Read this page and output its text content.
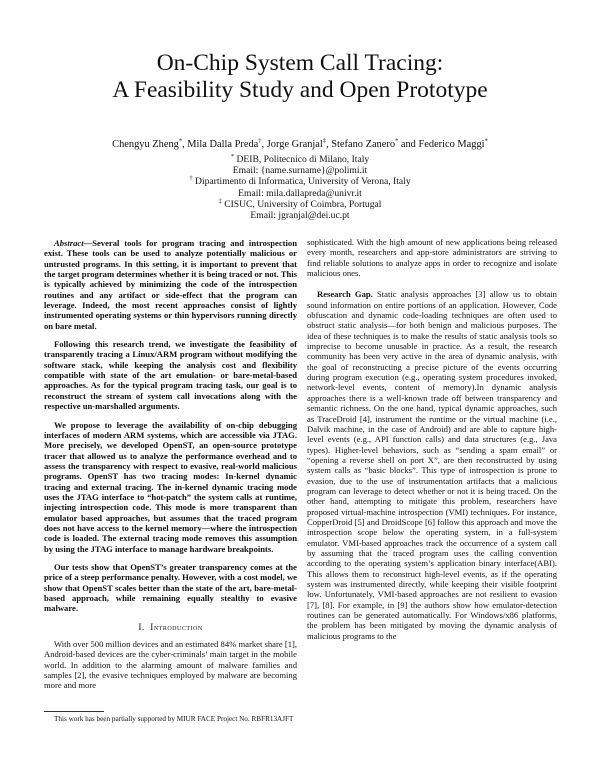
On-Chip System Call Tracing:
A Feasibility Study and Open Prototype
Chengyu Zheng*, Mila Dalla Preda†, Jorge Granjal‡, Stefano Zanero* and Federico Maggi*
* DEIB, Politecnico di Milano, Italy
Email: {name.surname}@polimi.it
† Dipartimento di Informatica, University of Verona, Italy
Email: mila.dallapreda@univr.it
‡ CISUC, University of Coimbra, Portugal
Email: jgranjal@dei.uc.pt

Abstract—Several tools for program tracing and introspection exist. These tools can be used to analyze potentially malicious or untrusted programs. In this setting, it is important to prevent that the target program determines whether it is being traced or not. This is typically achieved by minimizing the code of the introspection routines and any artifact or side-effect that the program can leverage. Indeed, the most recent approaches consist of lightly instrumented operating systems or thin hypervisors running directly on bare metal.

Following this research trend, we investigate the feasibility of transparently tracing a Linux/ARM program without modifying the software stack, while keeping the analysis cost and flexibility compatible with state of the art emulation- or bare-metal-based approaches. As for the typical program tracing task, our goal is to reconstruct the stream of system call invocations along with the respective un-marshalled arguments.

We propose to leverage the availability of on-chip debugging interfaces of modern ARM systems, which are accessible via JTAG. More precisely, we developed OpenST, an open-source prototype tracer that allowed us to analyze the performance overhead and to assess the transparency with respect to evasive, real-world malicious programs. OpenST has two tracing modes: In-kernel dynamic tracing and external tracing. The in-kernel dynamic tracing mode uses the JTAG interface to “hot-patch” the system calls at runtime, injecting introspection code. This mode is more transparent than emulator based approaches, but assumes that the traced program does not have access to the kernel memory—where the introspection code is loaded. The external tracing mode removes this assumption by using the JTAG interface to manage hardware breakpoints.

Our tests show that OpenST’s greater transparency comes at the price of a steep performance penalty. However, with a cost model, we show that OpenST scales better than the state of the art, bare-metal-based approach, while remaining equally stealthy to evasive malware.

I. Introduction

With over 500 million devices and an estimated 84% market share [1], Android-based devices are the cyber-criminals’ main target in the mobile world. In addition to the alarming amount of malware families and samples [2], the evasive techniques employed by malware are becoming more and more

This work has been partially supported by MIUR FACE Project No. RBFR13AJFT

sophisticated. With the high amount of new applications being released every month, researchers and app-store administrators are striving to find reliable solutions to analyze apps in order to recognize and isolate malicious ones.

Research Gap. Static analysis approaches [3] allow us to obtain sound information on entire portions of an application. However, Code obfuscation and dynamic code-loading techniques are often used to obstruct static analysis—for both benign and malicious purposes. The idea of these techniques is to make the results of static analysis tools so imprecise to become unusable in practice. As a result, the research community has been very active in the area of dynamic analysis, with the goal of reconstructing a precise picture of the events occurring during program execution (e.g., operating system procedures invoked, network-level events, content of memory).In dynamic analysis approaches there is a well-known trade off between transparency and semantic richness. On the one hand, typical dynamic approaches, such as TraceDroid [4], instrument the runtime or the virtual machine (i.e., Dalvik machine, in the case of Android) and are able to capture high-level events (e.g., API function calls) and data structures (e.g., Java types). Higher-level behaviors, such as “sending a spam email” or “opening a reverse shell on port X”, are then reconstructed by using system calls as “basic blocks”. This type of introspection is prone to evasion, due to the use of instrumentation artifacts that a malicious program can leverage to detect whether or not it is being traced. On the other hand, attempting to mitigate this problem, researchers have proposed virtual-machine introspection (VMI) techniques. For instance, CopperDroid [5] and DroidScope [6] follow this approach and move the introspection scope below the operating system, in a full-system emulator. VMI-based approaches track the occurrence of a system call by assuming that the traced program uses the calling convention according to the operating system’s application binary interface(ABI). This allows them to reconstruct high-level events, as if the operating system was instrumented directly, while keeping their visible footprint low. Unfortunately, VMI-based approaches are not resilient to evasion [7], [8]. For example, in [9] the authors show how emulator-detection routines can be generated automatically. For Windows/x86 platforms, the problem has been mitigated by moving the dynamic analysis of malicious programs to the
